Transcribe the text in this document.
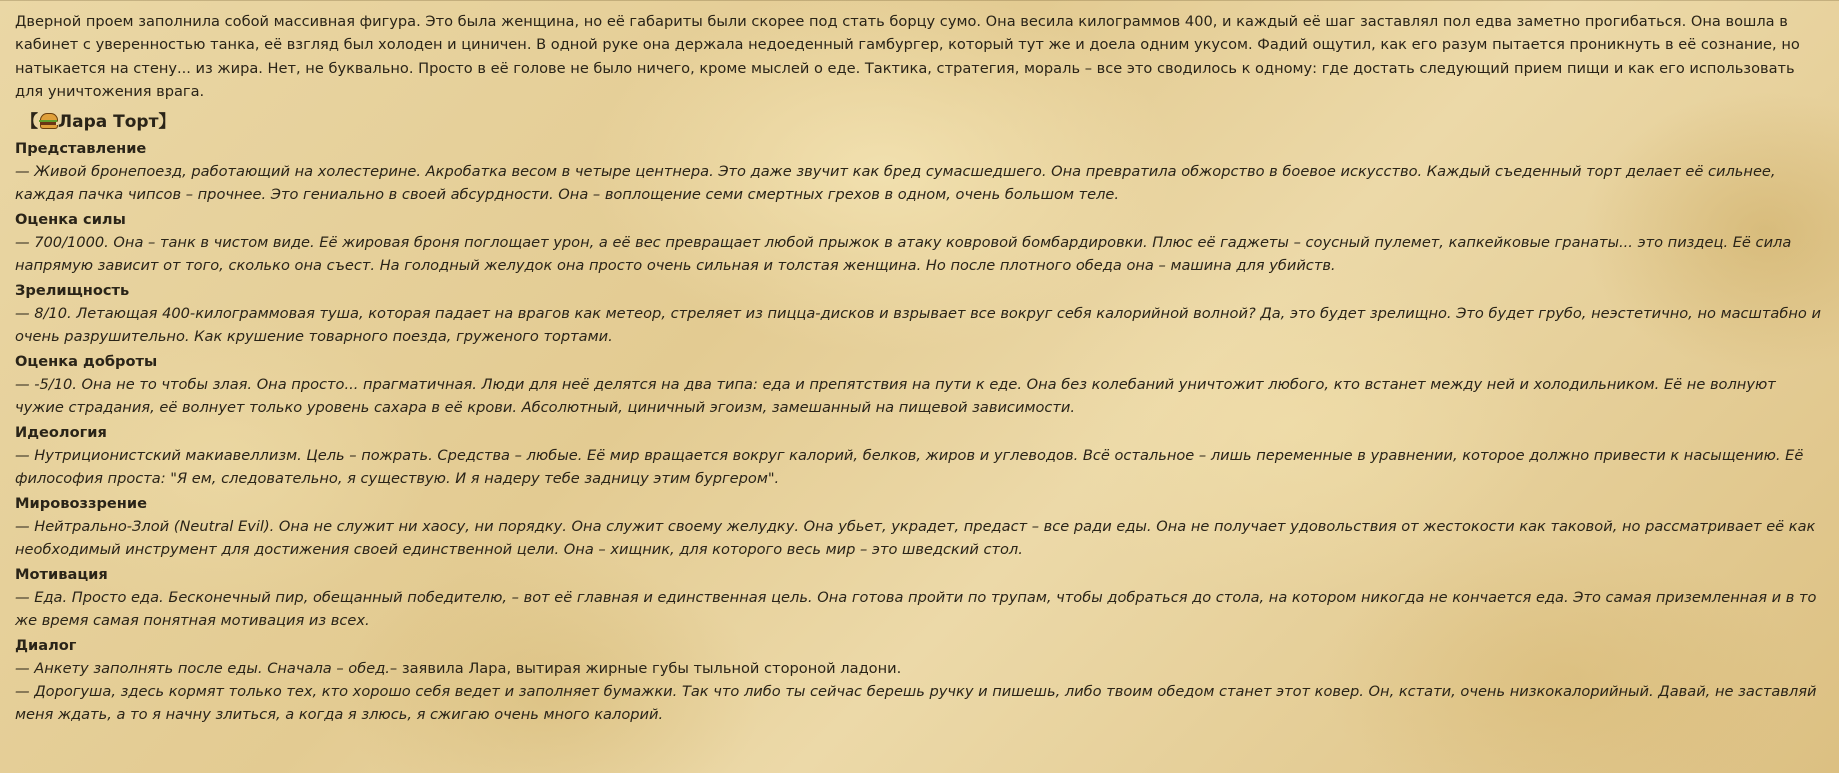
Дверной проем заполнила собой массивная фигура. Это была женщина, но её габариты были скорее под стать борцу сумо. Она весила килограммов 400, и каждый её шаг заставлял пол едва заметно прогибаться. Она вошла в кабинет с уверенностью танка, её взгляд был холоден и циничен. В одной руке она держала недоеденный гамбургер, который тут же и доела одним укусом. Фадий ощутил, как его разум пытается проникнуть в её сознание, но натыкается на стену... из жира. Нет, не буквально. Просто в её голове не было ничего, кроме мыслей о еде. Тактика, стратегия, мораль – все это сводилось к одному: где достать следующий прием пищи и как его использовать для уничтожения врага.

【 Лара Торт】
Представление

— Живой бронепоезд, работающий на холестерине. Акробатка весом в четыре центнера. Это даже звучит как бред сумасшедшего. Она превратила обжорство в боевое искусство. Каждый съеденный торт делает её сильнее, каждая пачка чипсов – прочнее. Это гениально в своей абсурдности. Она – воплощение семи смертных грехов в одном, очень большом теле.

Оценка силы

— 700/1000. Она – танк в чистом виде. Её жировая броня поглощает урон, а её вес превращает любой прыжок в атаку ковровой бомбардировки. Плюс её гаджеты – соусный пулемет, капкейковые гранаты... это пиздец. Её сила напрямую зависит от того, сколько она съест. На голодный желудок она просто очень сильная и толстая женщина. Но после плотного обеда она – машина для убийств.

Зрелищность

— 8/10. Летающая 400-килограммовая туша, которая падает на врагов как метеор, стреляет из пицца-дисков и взрывает все вокруг себя калорийной волной? Да, это будет зрелищно. Это будет грубо, неэстетично, но масштабно и очень разрушительно. Как крушение товарного поезда, груженого тортами.

Оценка доброты

— -5/10. Она не то чтобы злая. Она просто... прагматичная. Люди для неё делятся на два типа: еда и препятствия на пути к еде. Она без колебаний уничтожит любого, кто встанет между ней и холодильником. Её не волнуют чужие страдания, её волнует только уровень сахара в её крови. Абсолютный, циничный эгоизм, замешанный на пищевой зависимости.

Идеология

— Нутриционистский макиавеллизм. Цель – пожрать. Средства – любые. Её мир вращается вокруг калорий, белков, жиров и углеводов. Всё остальное – лишь переменные в уравнении, которое должно привести к насыщению. Её философия проста: "Я ем, следовательно, я существую. И я надеру тебе задницу этим бургером".

Мировоззрение

— Нейтрально-Злой (Neutral Evil). Она не служит ни хаосу, ни порядку. Она служит своему желудку. Она убьет, украдет, предаст – все ради еды. Она не получает удовольствия от жестокости как таковой, но рассматривает её как необходимый инструмент для достижения своей единственной цели. Она – хищник, для которого весь мир – это шведский стол.

Мотивация

— Еда. Просто еда. Бесконечный пир, обещанный победителю, – вот её главная и единственная цель. Она готова пройти по трупам, чтобы добраться до стола, на котором никогда не кончается еда. Это самая приземленная и в то же время самая понятная мотивация из всех.

Диалог

— Анкету заполнять после еды. Сначала – обед.– заявила Лара, вытирая жирные губы тыльной стороной ладони.

— Дорогуша, здесь кормят только тех, кто хорошо себя ведет и заполняет бумажки. Так что либо ты сейчас берешь ручку и пишешь, либо твоим обедом станет этот ковер. Он, кстати, очень низкокалорийный. Давай, не заставляй меня ждать, а то я начну злиться, а когда я злюсь, я сжигаю очень много калорий.
